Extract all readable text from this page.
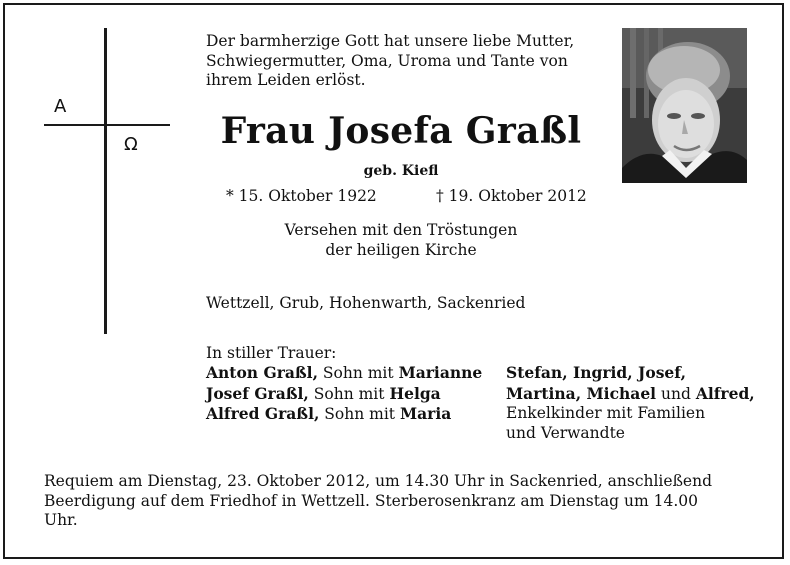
A
Ω
Der barmherzige Gott hat unsere liebe Mutter,
Schwiegermutter, Oma, Uroma und Tante von
ihrem Leiden erlöst.
Frau Josefa Graßl
geb. Kiefl
* 15. Oktober 1922	† 19. Oktober 2012
Versehen mit den Tröstungen
der heiligen Kirche
Wettzell, Grub, Hohenwarth, Sackenried
In stiller Trauer:
Anton Graßl, Sohn mit Marianne
Josef Graßl, Sohn mit Helga
Alfred Graßl, Sohn mit Maria
Stefan, Ingrid, Josef,
Martina, Michael und Alfred,
Enkelkinder mit Familien
und Verwandte
Requiem am Dienstag, 23. Oktober 2012, um 14.30 Uhr in Sackenried, anschließend
Beerdigung auf dem Friedhof in Wettzell. Sterberosenkranz am Dienstag um 14.00
Uhr.
